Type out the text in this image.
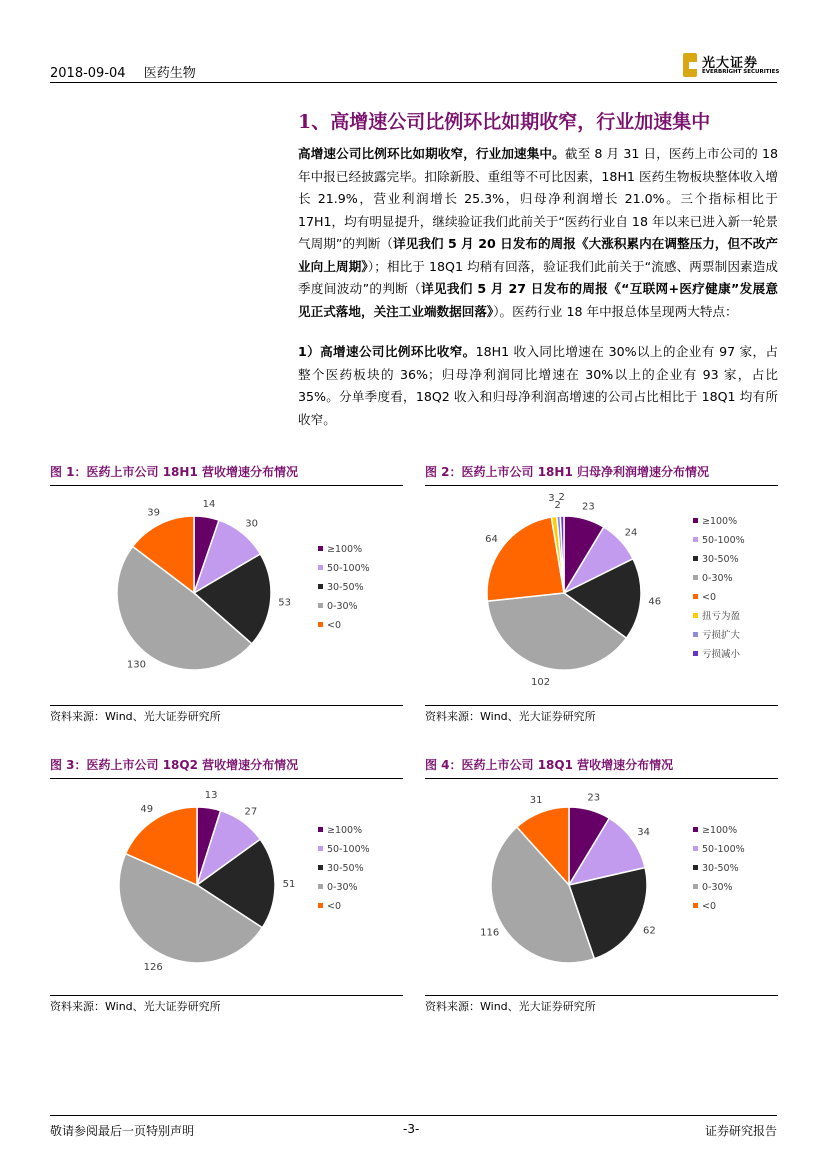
2018-09-04 医药生物
光大证券
EVERBRIGHT SECURITIES
1、高增速公司比例环比如期收窄，行业加速集中
高增速公司比例环比如期收窄，行业加速集中。截至 8 月 31 日，医药上市公司的 18 年中报已经披露完毕。扣除新股、重组等不可比因素，18H1 医药生物板块整体收入增长 21.9%，营业利润增长 25.3%，归母净利润增长 21.0%。三个指标相比于 17H1，均有明显提升，继续验证我们此前关于“医药行业自 18 年以来已进入新一轮景气周期”的判断（详见我们 5 月 20 日发布的周报《大涨积累内在调整压力，但不改产业向上周期》）；相比于 18Q1 均稍有回落，验证我们此前关于“流感、两票制因素造成季度间波动”的判断（详见我们 5 月 27 日发布的周报《“互联网+医疗健康”发展意见正式落地，关注工业端数据回落》）。医药行业 18 年中报总体呈现两大特点：
1）高增速公司比例环比收窄。18H1 收入同比增速在 30%以上的企业有 97 家，占整个医药板块的 36%；归母净利润同比增速在 30%以上的企业有 93 家，占比 35%。分单季度看，18Q2 收入和归母净利润高增速的公司占比相比于 18Q1 均有所收窄。
图 1：医药上市公司 18H1 营收增速分布情况
14
30
53
130
39
≥100%
50-100%
30-50%
0-30%
<0
资料来源：Wind、光大证券研究所
图 2：医药上市公司 18H1 归母净利润增速分布情况
23
24
46
102
64
3
2
2
≥100%
50-100%
30-50%
0-30%
<0
扭亏为盈
亏损扩大
亏损减小
资料来源：Wind、光大证券研究所
图 3：医药上市公司 18Q2 营收增速分布情况
13
27
51
126
49
≥100%
50-100%
30-50%
0-30%
<0
资料来源：Wind、光大证券研究所
图 4：医药上市公司 18Q1 营收增速分布情况
23
34
62
116
31
≥100%
50-100%
30-50%
0-30%
<0
资料来源：Wind、光大证券研究所
敬请参阅最后一页特别声明	-3-	证券研究报告
